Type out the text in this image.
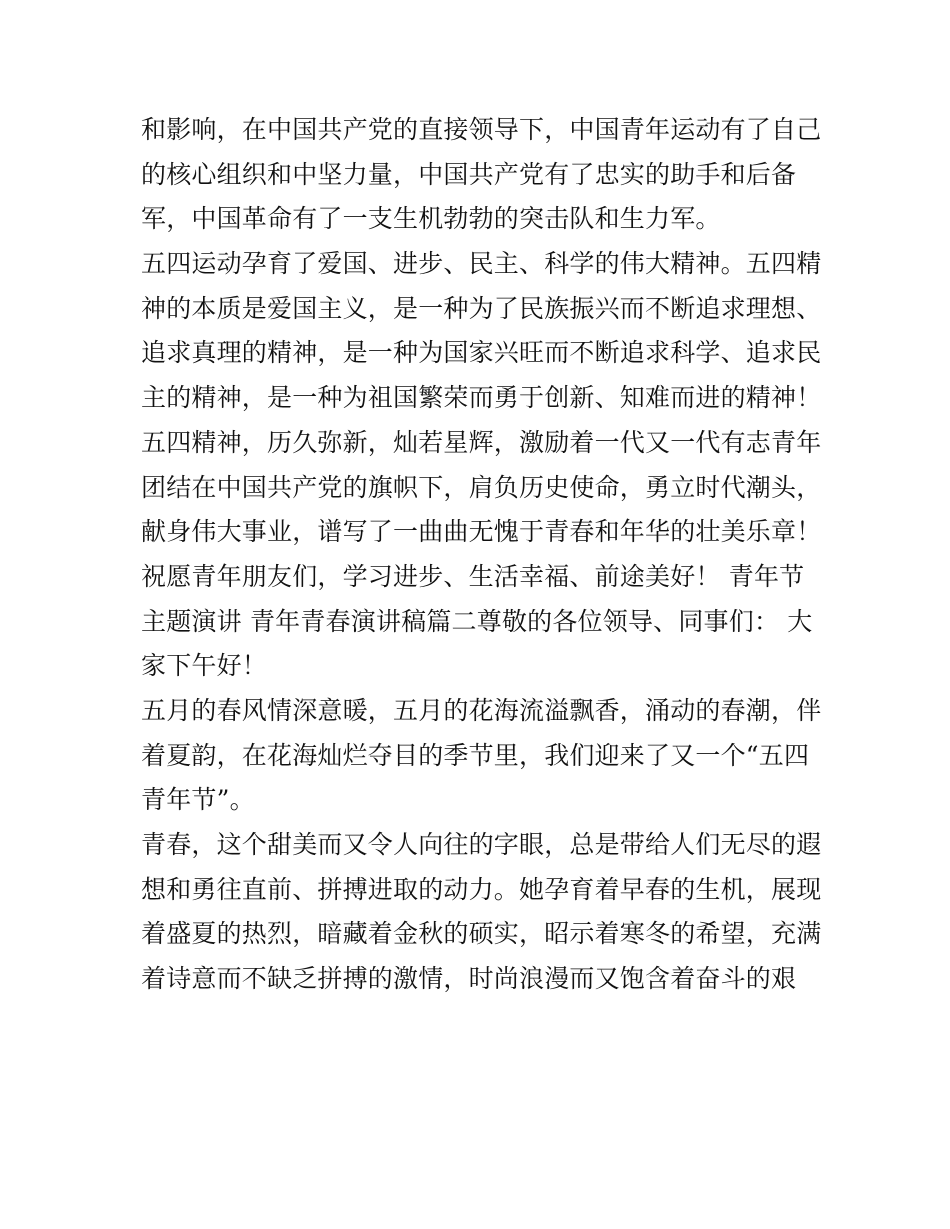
和影响，在中国共产党的直接领导下，中国青年运动有了自己
的核心组织和中坚力量，中国共产党有了忠实的助手和后备
军，中国革命有了一支生机勃勃的突击队和生力军。
五四运动孕育了爱国、进步、民主、科学的伟大精神。五四精
神的本质是爱国主义，是一种为了民族振兴而不断追求理想、
追求真理的精神，是一种为国家兴旺而不断追求科学、追求民
主的精神，是一种为祖国繁荣而勇于创新、知难而进的精神！
五四精神，历久弥新，灿若星辉，激励着一代又一代有志青年
团结在中国共产党的旗帜下，肩负历史使命，勇立时代潮头，
献身伟大事业，谱写了一曲曲无愧于青春和年华的壮美乐章！
祝愿青年朋友们，学习进步、生活幸福、前途美好！ 青年节
主题演讲 青年青春演讲稿篇二尊敬的各位领导、同事们： 大
家下午好！
五月的春风情深意暖，五月的花海流溢飘香，涌动的春潮，伴
着夏韵，在花海灿烂夺目的季节里，我们迎来了又一个“五四
青年节”。
青春，这个甜美而又令人向往的字眼，总是带给人们无尽的遐
想和勇往直前、拼搏进取的动力。她孕育着早春的生机，展现
着盛夏的热烈，暗藏着金秋的硕实，昭示着寒冬的希望，充满
着诗意而不缺乏拼搏的激情，时尚浪漫而又饱含着奋斗的艰
